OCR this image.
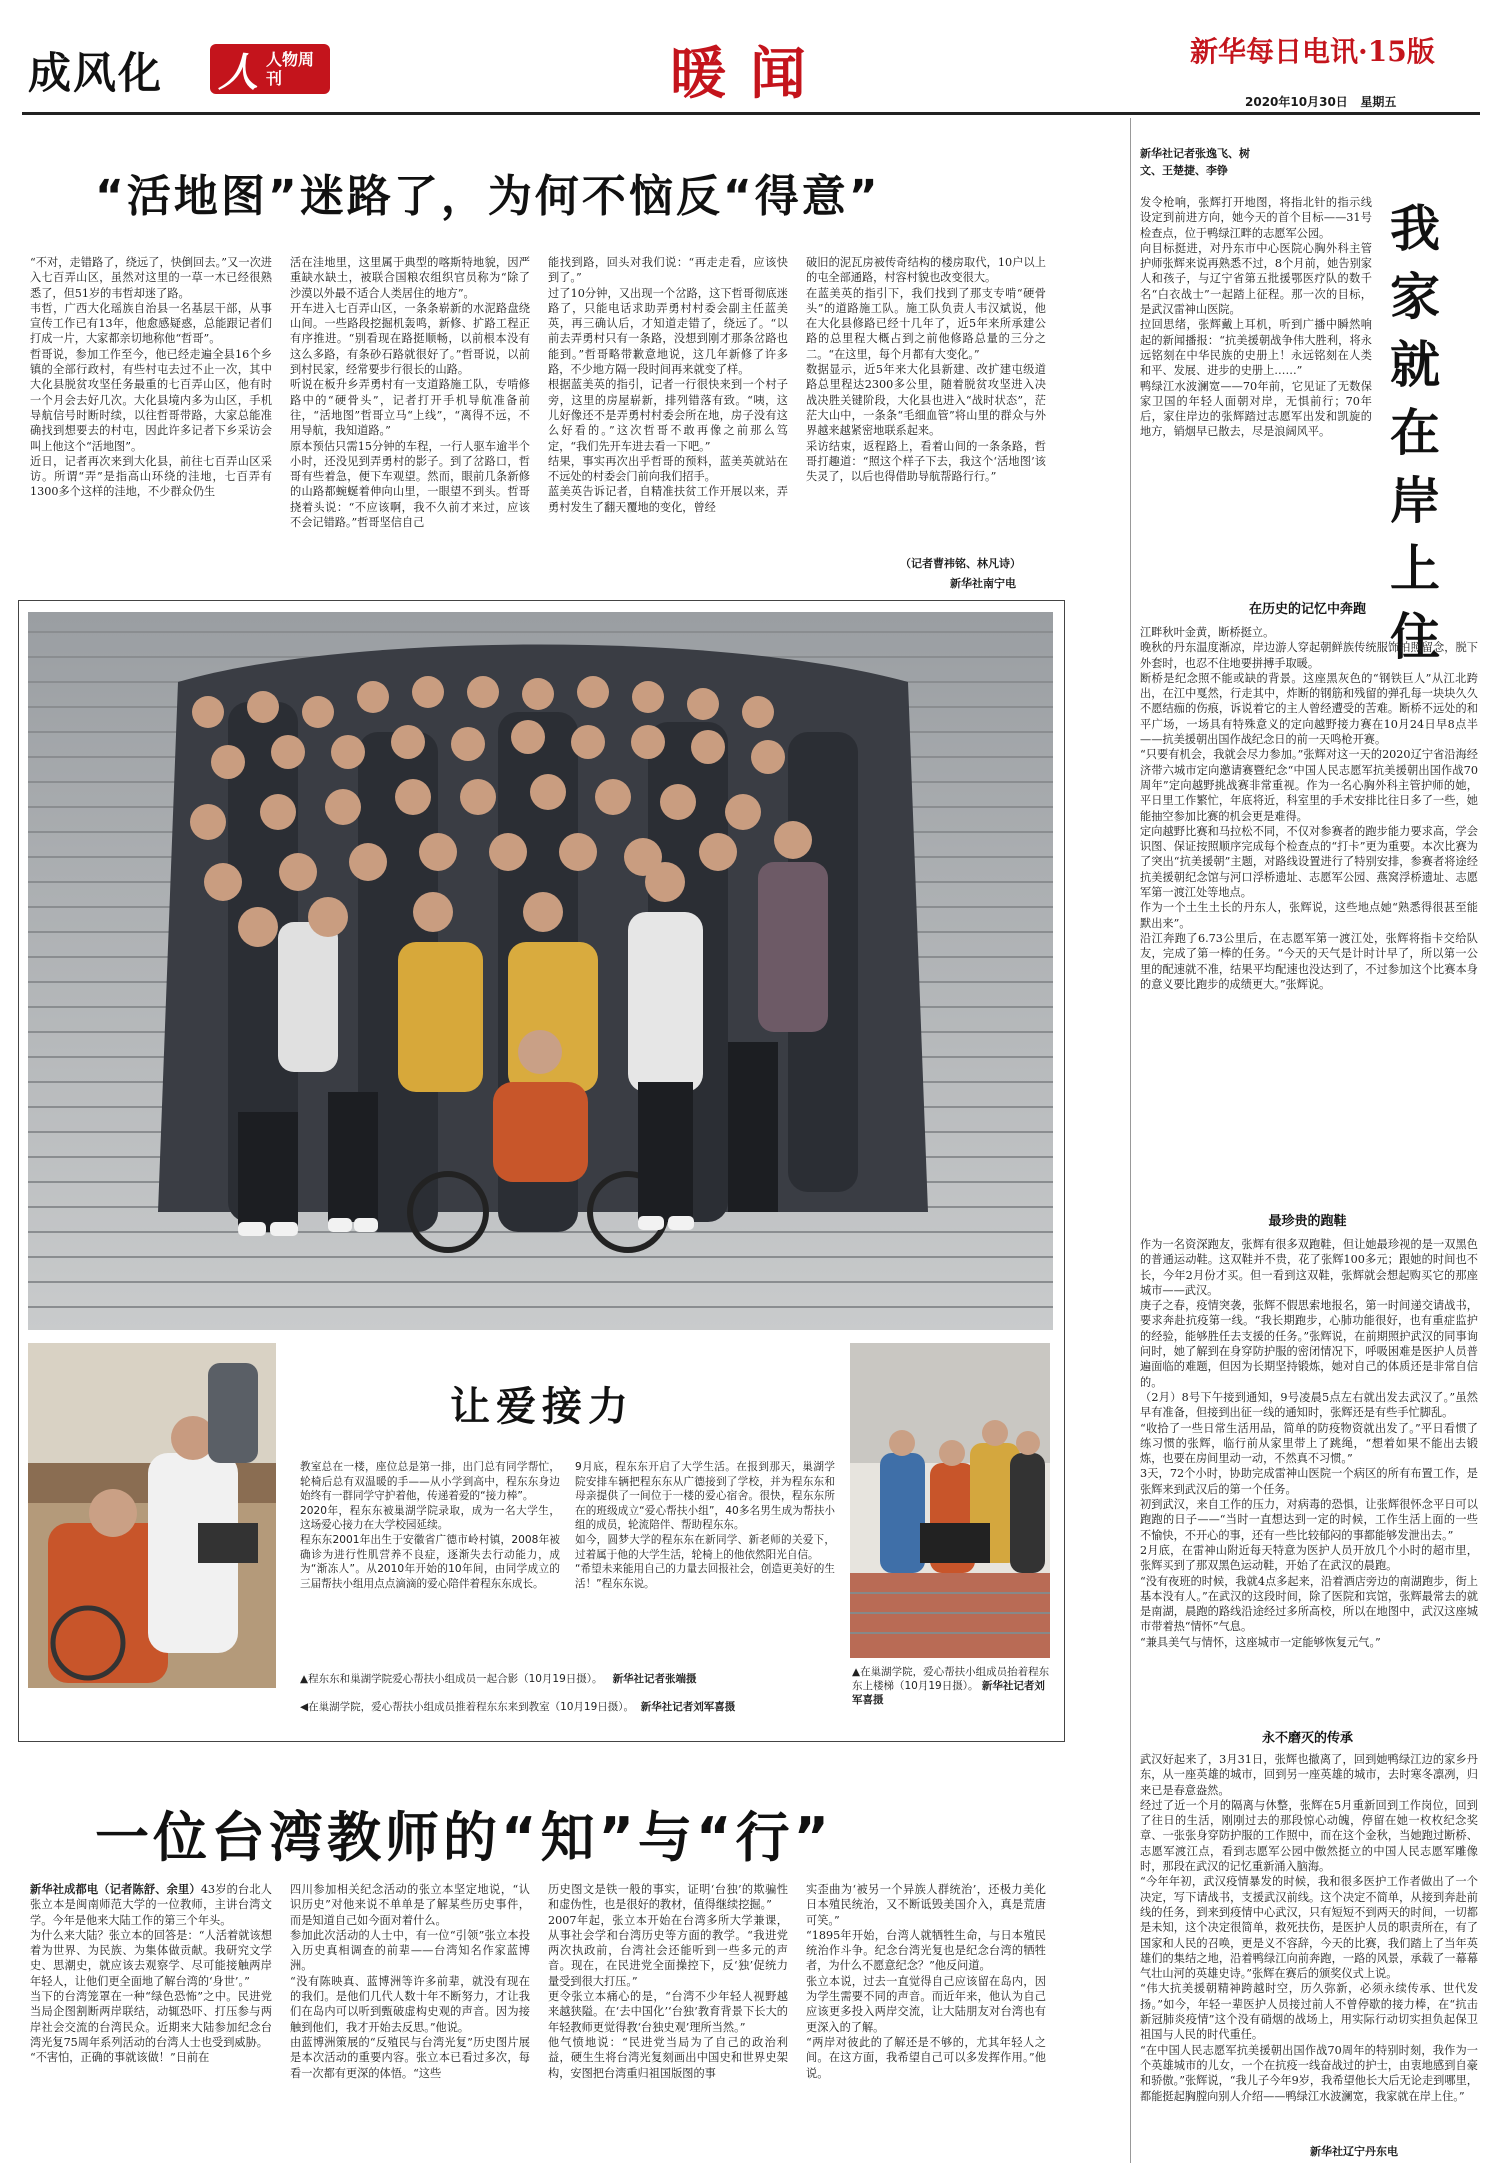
成风化 人 人物周刊	暖闻	新华每日电讯·15版
2020年10月30日 星期五
“活地图”迷路了，为何不恼反“得意”
“不对，走错路了，绕远了，快倒回去。”又一次进入七百弄山区，虽然对这里的一草一木已经很熟悉了，但51岁的韦哲却迷了路。
韦哲，广西大化瑶族自治县一名基层干部，从事宣传工作已有13年，他愈感疑惑，总能跟记者们打成一片，大家都亲切地称他“哲哥”。
哲哥说，参加工作至今，他已经走遍全县16个乡镇的全部行政村，有些村屯去过不止一次，其中大化县脱贫攻坚任务最重的七百弄山区，他有时一个月会去好几次。大化县境内多为山区，手机导航信号时断时续，以往哲哥带路，大家总能准确找到想要去的村屯，因此许多记者下乡采访会叫上他这个“活地图”。
近日，记者再次来到大化县，前往七百弄山区采访。所谓“弄”是指高山环绕的洼地，七百弄有1300多个这样的洼地，不少群众仍生
活在洼地里，这里属于典型的喀斯特地貌，因严重缺水缺土，被联合国粮农组织官员称为“除了沙漠以外最不适合人类居住的地方”。
开车进入七百弄山区，一条条崭新的水泥路盘绕山间。一些路段挖掘机轰鸣，新修、扩路工程正有序推进。“别看现在路挺顺畅，以前根本没有这么多路，有条砂石路就很好了。”哲哥说，以前到村民家，经常要步行很长的山路。
听说在板升乡弄勇村有一支道路施工队，专啃修路中的“硬骨头”，记者打开手机导航准备前往，“活地图”哲哥立马“上线”，“离得不远，不用导航，我知道路。”
原本预估只需15分钟的车程，一行人驱车逾半个小时，还没见到弄勇村的影子。到了岔路口，哲哥有些着急，便下车观望。然而，眼前几条新修的山路都蜿蜒着伸向山里，一眼望不到头。哲哥挠着头说：“不应该啊，我不久前才来过，应该不会记错路。”哲哥坚信自己
能找到路，回头对我们说：“再走走看，应该快到了。”
过了10分钟，又出现一个岔路，这下哲哥彻底迷路了，只能电话求助弄勇村村委会副主任蓝美英，再三确认后，才知道走错了，绕远了。“以前去弄勇村只有一条路，没想到刚才那条岔路也能到。”哲哥略带歉意地说，这几年新修了许多路，不少地方隔一段时间再来就变了样。
根据蓝美英的指引，记者一行很快来到一个村子旁，这里的房屋崭新，排列错落有致。“咦，这儿好像还不是弄勇村村委会所在地，房子没有这么好看的。”这次哲哥不敢再像之前那么笃定，“我们先开车进去看一下吧。”
结果，事实再次出乎哲哥的预料，蓝美英就站在不远处的村委会门前向我们招手。
蓝美英告诉记者，自精准扶贫工作开展以来，弄勇村发生了翻天覆地的变化，曾经
破旧的泥瓦房被传奇结构的楼房取代，10户以上的屯全部通路，村容村貌也改变很大。
在蓝美英的指引下，我们找到了那支专啃“硬骨头”的道路施工队。施工队负责人韦汉斌说，他在大化县修路已经十几年了，近5年来所承建公路的总里程大概占到之前他修路总量的三分之二。“在这里，每个月都有大变化。”
数据显示，近5年来大化县新建、改扩建屯级道路总里程达2300多公里，随着脱贫攻坚进入决战决胜关键阶段，大化县也进入“战时状态”，茫茫大山中，一条条“毛细血管”将山里的群众与外界越来越紧密地联系起来。
采访结束，返程路上，看着山间的一条条路，哲哥打趣道：“照这个样子下去，我这个‘活地图’该失灵了，以后也得借助导航帮路行行。”
（记者曹祎铭、林凡诗）
新华社南宁电
让爱接力
教室总在一楼，座位总是第一排，出门总有同学帮忙，轮椅后总有双温暖的手——从小学到高中，程东东身边始终有一群同学守护着他，传递着爱的“接力棒”。
2020年，程东东被巢湖学院录取，成为一名大学生，这场爱心接力在大学校园延续。
程东东2001年出生于安徽省广德市岭村镇，2008年被确诊为进行性肌营养不良症，逐渐失去行动能力，成为“渐冻人”。从2010年开始的10年间，由同学成立的三届帮扶小组用点点滴滴的爱心陪伴着程东东成长。
9月底，程东东开启了大学生活。在报到那天，巢湖学院安排车辆把程东东从广德接到了学校，并为程东东和母亲提供了一间位于一楼的爱心宿舍。很快，程东东所在的班级成立“爱心帮扶小组”，40多名男生成为帮扶小组的成员，轮流陪伴、帮助程东东。
如今，圆梦大学的程东东在新同学、新老师的关爱下，过着属于他的大学生活，轮椅上的他依然阳光自信。
“希望未来能用自己的力量去回报社会，创造更美好的生活！”程东东说。
▲程东东和巢湖学院爱心帮扶小组成员一起合影（10月19日摄）。 新华社记者张端摄
◀在巢湖学院，爱心帮扶小组成员推着程东东来到教室（10月19日摄）。 新华社记者刘军喜摄
▲在巢湖学院，爱心帮扶小组成员抬着程东东上楼梯（10月19日摄）。 新华社记者刘军喜摄
一位台湾教师的“知”与“行”
新华社成都电（记者陈舒、余里）43岁的台北人张立本是闽南师范大学的一位教师，主讲台湾文学。今年是他来大陆工作的第三个年头。
为什么来大陆？张立本的回答是：“人活着就该想着为世界、为民族、为集体做贡献。我研究文学史、思潮史，就应该去观察学、尽可能接触两岸年轻人，让他们更全面地了解台湾的‘身世’。”
当下的台湾笼罩在一种“绿色恐怖”之中。民进党当局企图割断两岸联结，动辄恐吓、打压参与两岸社会交流的台湾民众。近期来大陆参加纪念台湾光复75周年系列活动的台湾人士也受到威胁。
“不害怕，正确的事就该做！”日前在
四川参加相关纪念活动的张立本坚定地说，“认识历史”对他来说不单单是了解某些历史事件，而是知道自己如今面对着什么。
参加此次活动的人士中，有一位“引领”张立本投入历史真相调查的前辈——台湾知名作家蓝博洲。
“没有陈映真、蓝博洲等许多前辈，就没有现在的我们。是他们几代人数十年不断努力，才让我们在岛内可以听到甄破虚构史观的声音。因为接触到他们，我才开始去反思。”他说。
由蓝博洲策展的“反殖民与台湾光复”历史图片展是本次活动的重要内容。张立本已看过多次，每看一次都有更深的体悟。“这些
历史图文是铁一般的事实，证明‘台独’的欺骗性和虚伪性，也是很好的教材，值得继续挖掘。”
2007年起，张立本开始在台湾多所大学兼课，从事社会学和台湾历史等方面的教学。“我进党两次执政前，台湾社会还能听到一些多元的声音。现在，在民进党全面操控下，反‘独’促统力量受到很大打压。”
更令张立本痛心的是，“台湾不少年轻人视野越来越狭隘。在‘去中国化’‘台独’教育背景下长大的年轻教师更觉得教‘台独史观’理所当然。”
他气愤地说：“民进党当局为了自己的政治利益，硬生生将台湾光复刻画出中国史和世界史架构，安图把台湾重归祖国版图的事
实歪曲为‘被另一个异族人群统治’，还极力美化日本殖民统治，又不断诋毁美国介入，真是荒唐可笑。”
“1895年开始，台湾人就牺牲生命，与日本殖民统治作斗争。纪念台湾光复也是纪念台湾的牺牲者，为什么不愿意纪念？”他反问道。
张立本说，过去一直觉得自己应该留在岛内，因为学生需要不同的声音。而近年来，他认为自己应该更多投入两岸交流，让大陆朋友对台湾也有更深入的了解。
“两岸对彼此的了解还是不够的，尤其年轻人之间。在这方面，我希望自己可以多发挥作用。”他说。
新华社记者张逸飞、树文、王楚捷、李铮
我家就在岸上住
发令枪响，张辉打开地图，将指北针的指示线设定到前进方向，她今天的首个目标——31号检查点，位于鸭绿江畔的志愿军公园。
向目标挺进，对丹东市中心医院心胸外科主管护师张辉来说再熟悉不过，8个月前，她告别家人和孩子，与辽宁省第五批援鄂医疗队的数千名“白衣战士”一起踏上征程。那一次的目标，是武汉雷神山医院。
拉回思绪，张辉戴上耳机，听到广播中瞬然响起的新闻播报：“抗美援朝战争伟大胜利，将永远铭刻在中华民族的史册上！永远铭刻在人类和平、发展、进步的史册上……”
鸭绿江水波澜宽——70年前，它见证了无数保家卫国的年轻人面朝对岸，无惧前行；70年后，家住岸边的张辉踏过志愿军出发和凯旋的地方，销烟早已散去，尽是浪阔风平。
在历史的记忆中奔跑
江畔秋叶金黄，断桥挺立。
晚秋的丹东温度渐凉，岸边游人穿起朝鲜族传统服饰拍照留念，脱下外套时，也忍不住地要拼搏手取暖。
断桥是纪念照不能或缺的背景。这座黑灰色的“钢铁巨人”从江北跨出，在江中戛然，行走其中，炸断的钢筋和残留的弹孔每一块块久久不愿结痂的伤痕，诉说着它的主人曾经遭受的苦难。断桥不远处的和平广场，一场具有特殊意义的定向越野接力赛在10月24日早8点半——抗美援朝出国作战纪念日的前一天鸣枪开赛。
“只要有机会，我就会尽力参加。”张辉对这一天的2020辽宁省沿海经济带六城市定向邀请赛暨纪念“中国人民志愿军抗美援朝出国作战70周年”定向越野挑战赛非常重视。作为一名心胸外科主管护师的她，平日里工作繁忙，年底将近，科室里的手术安排比往日多了一些，她能抽空参加比赛的机会更是难得。
定向越野比赛和马拉松不同，不仅对参赛者的跑步能力要求高，学会识图、保证按照顺序完成每个检查点的“打卡”更为重要。本次比赛为了突出“抗美援朝”主题，对路线设置进行了特别安排，参赛者将途经抗美援朝纪念馆与河口浮桥遗址、志愿军公园、燕窝浮桥遗址、志愿军第一渡江处等地点。
作为一个土生土长的丹东人，张辉说，这些地点她“熟悉得很甚至能默出来”。
沿江奔跑了6.73公里后，在志愿军第一渡江处，张辉将指卡交给队友，完成了第一棒的任务。“今天的天气是计时计早了，所以第一公里的配速就不准，结果平均配速也没达到了，不过参加这个比赛本身的意义要比跑步的成绩更大。”张辉说。
最珍贵的跑鞋
作为一名资深跑友，张辉有很多双跑鞋，但让她最珍视的是一双黑色的普通运动鞋。这双鞋并不贵，花了张辉100多元；跟她的时间也不长，今年2月份才买。但一看到这双鞋，张辉就会想起购买它的那座城市——武汉。
庚子之春，疫情突袭，张辉不假思索地报名，第一时间递交请战书，要求奔赴抗疫第一线。“我长期跑步，心肺功能很好，也有重症监护的经验，能够胜任去支援的任务。”张辉说，在前期照护武汉的同事询问时，她了解到在身穿防护服的密闭情况下，呼吸困难是医护人员普遍面临的难题，但因为长期坚持锻炼，她对自己的体质还是非常自信的。
（2月）8号下午接到通知，9号凌晨5点左右就出发去武汉了。”虽然早有准备，但接到出征一线的通知时，张辉还是有些手忙脚乱。
“收拾了一些日常生活用品，简单的防疫物资就出发了。”平日看惯了练习惯的张辉，临行前从家里带上了跳绳，“想着如果不能出去锻炼，也要在房间里动一动，不然真不习惯。”
3天，72个小时，协助完成雷神山医院一个病区的所有布置工作，是张辉来到武汉后的第一个任务。
初到武汉，来自工作的压力，对病毒的恐惧，让张辉很怀念平日可以跑跑的日子——“当时一直想达到一定的时候，工作生活上面的一些不愉快，不开心的事，还有一些比较郁闷的事都能够发泄出去。”
2月底，在雷神山附近每天特意为医护人员开放几个小时的超市里，张辉买到了那双黑色运动鞋，开始了在武汉的晨跑。
“没有夜班的时候，我就4点多起来，沿着酒店旁边的南湖跑步，街上基本没有人。”在武汉的这段时间，除了医院和宾馆，张辉最常去的就是南湖，晨跑的路线沿途经过多所高校，所以在地图中，武汉这座城市带着热“情怀”气息。
“兼具美气与情怀，这座城市一定能够恢复元气。”
永不磨灭的传承
武汉好起来了，3月31日，张辉也撤离了，回到她鸭绿江边的家乡丹东，从一座英雄的城市，回到另一座英雄的城市，去时寒冬凛冽，归来已是春意盎然。
经过了近一个月的隔离与休整，张辉在5月重新回到工作岗位，回到了往日的生活，刚刚过去的那段惊心动魄，停留在她一枚枚纪念奖章、一张张身穿防护服的工作照中，而在这个金秋，当她跑过断桥、志愿军渡江点，看到志愿军公园中傲然挺立的中国人民志愿军雕像时，那段在武汉的记忆重新涌入脑海。
“今年年初，武汉疫情暴发的时候，我和很多医护工作者做出了一个决定，写下请战书，支援武汉前线。这个决定不简单，从接到奔赴前线的任务，到来到疫情中心武汉，只有短短不到两天的时间，一切都是未知，这个决定很简单，救死扶伤，是医护人员的职责所在，有了国家和人民的召唤，更是义不容辞，今天的比赛，我们踏上了当年英雄们的集结之地，沿着鸭绿江向前奔跑，一路的风景，承载了一幕幕气壮山河的英雄史诗。”张辉在赛后的颁奖仪式上说。
“伟大抗美援朝精神跨越时空，历久弥新，必须永续传承、世代发扬。”如今，年轻一辈医护人员接过前人不曾停歇的接力棒，在“抗击新冠肺炎疫情”这个没有硝烟的战场上，用实际行动切实担负起保卫祖国与人民的时代重任。
“在中国人民志愿军抗美援朝出国作战70周年的特别时刻，我作为一个英雄城市的儿女，一个在抗疫一线奋战过的护士，由衷地感到自豪和骄傲。”张辉说，“我儿子今年9岁，我希望他长大后无论走到哪里，都能挺起胸膛向别人介绍——鸭绿江水波澜宽，我家就在岸上住。”
新华社辽宁丹东电
